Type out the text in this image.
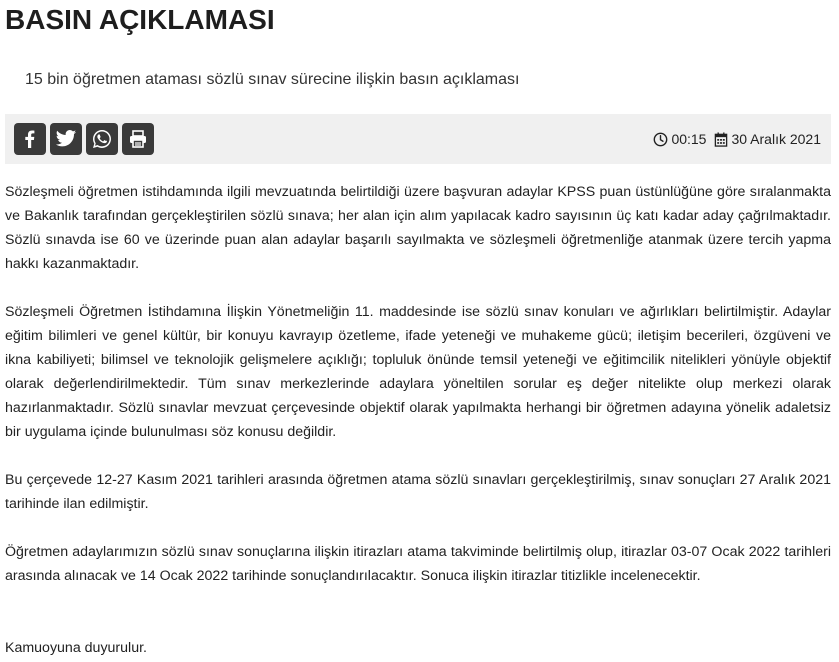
BASIN AÇIKLAMASI
15 bin öğretmen ataması sözlü sınav sürecine ilişkin basın açıklaması
00:15 30 Aralık 2021

Sözleşmeli öğretmen istihdamında ilgili mevzuatında belirtildiği üzere başvuran adaylar KPSS puan üstünlüğüne göre sıralanmakta ve Bakanlık tarafından gerçekleştirilen sözlü sınava; her alan için alım yapılacak kadro sayısının üç katı kadar aday çağrılmaktadır. Sözlü sınavda ise 60 ve üzerinde puan alan adaylar başarılı sayılmakta ve sözleşmeli öğretmenliğe atanmak üzere tercih yapma hakkı kazanmaktadır.

Sözleşmeli Öğretmen İstihdamına İlişkin Yönetmeliğin 11. maddesinde ise sözlü sınav konuları ve ağırlıkları belirtilmiştir. Adaylar eğitim bilimleri ve genel kültür, bir konuyu kavrayıp özetleme, ifade yeteneği ve muhakeme gücü; iletişim becerileri, özgüveni ve ikna kabiliyeti; bilimsel ve teknolojik gelişmelere açıklığı; topluluk önünde temsil yeteneği ve eğitimcilik nitelikleri yönüyle objektif olarak değerlendirilmektedir. Tüm sınav merkezlerinde adaylara yöneltilen sorular eş değer nitelikte olup merkezi olarak hazırlanmaktadır. Sözlü sınavlar mevzuat çerçevesinde objektif olarak yapılmakta herhangi bir öğretmen adayına yönelik adaletsiz bir uygulama içinde bulunulması söz konusu değildir.

Bu çerçevede 12-27 Kasım 2021 tarihleri arasında öğretmen atama sözlü sınavları gerçekleştirilmiş, sınav sonuçları 27 Aralık 2021 tarihinde ilan edilmiştir.

Öğretmen adaylarımızın sözlü sınav sonuçlarına ilişkin itirazları atama takviminde belirtilmiş olup, itirazlar 03-07 Ocak 2022 tarihleri arasında alınacak ve 14 Ocak 2022 tarihinde sonuçlandırılacaktır. Sonuca ilişkin itirazlar titizlikle incelenecektir.

Kamuoyuna duyurulur.
